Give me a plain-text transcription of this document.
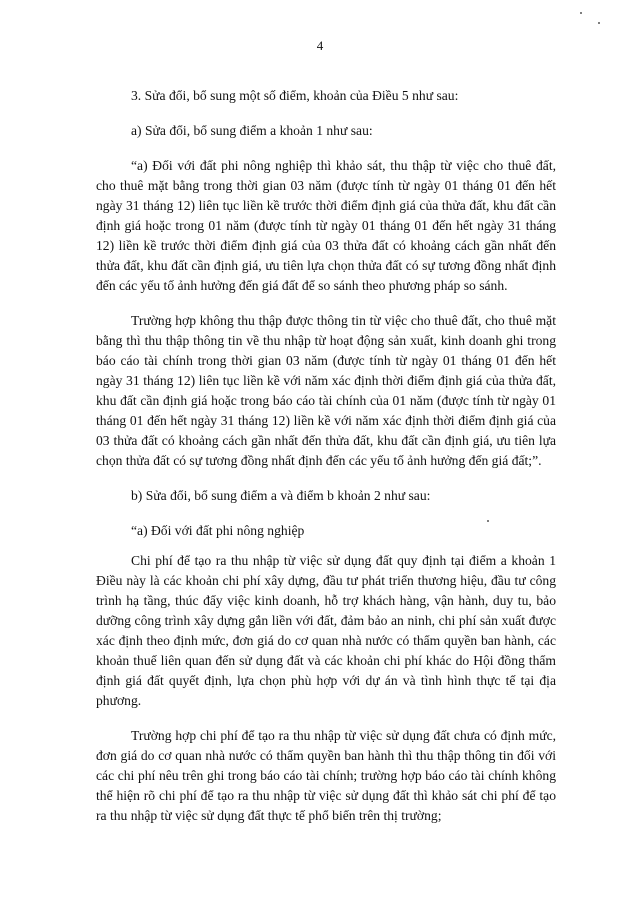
4

3. Sửa đổi, bổ sung một số điểm, khoản của Điều 5 như sau:

a) Sửa đổi, bổ sung điểm a khoản 1 như sau:

“a) Đối với đất phi nông nghiệp thì khảo sát, thu thập từ việc cho thuê đất, cho thuê mặt bằng trong thời gian 03 năm (được tính từ ngày 01 tháng 01 đến hết ngày 31 tháng 12) liên tục liền kề trước thời điểm định giá của thửa đất, khu đất cần định giá hoặc trong 01 năm (được tính từ ngày 01 tháng 01 đến hết ngày 31 tháng 12) liền kề trước thời điểm định giá của 03 thửa đất có khoảng cách gần nhất đến thửa đất, khu đất cần định giá, ưu tiên lựa chọn thửa đất có sự tương đồng nhất định đến các yếu tố ảnh hưởng đến giá đất để so sánh theo phương pháp so sánh.

Trường hợp không thu thập được thông tin từ việc cho thuê đất, cho thuê mặt bằng thì thu thập thông tin về thu nhập từ hoạt động sản xuất, kinh doanh ghi trong báo cáo tài chính trong thời gian 03 năm (được tính từ ngày 01 tháng 01 đến hết ngày 31 tháng 12) liên tục liền kề với năm xác định thời điểm định giá của thửa đất, khu đất cần định giá hoặc trong báo cáo tài chính của 01 năm (được tính từ ngày 01 tháng 01 đến hết ngày 31 tháng 12) liền kề với năm xác định thời điểm định giá của 03 thửa đất có khoảng cách gần nhất đến thửa đất, khu đất cần định giá, ưu tiên lựa chọn thửa đất có sự tương đồng nhất định đến các yếu tố ảnh hưởng đến giá đất;”.

b) Sửa đổi, bổ sung điểm a và điểm b khoản 2 như sau:

“a) Đối với đất phi nông nghiệp

Chi phí để tạo ra thu nhập từ việc sử dụng đất quy định tại điểm a khoản 1 Điều này là các khoản chi phí xây dựng, đầu tư phát triển thương hiệu, đầu tư công trình hạ tầng, thúc đẩy việc kinh doanh, hỗ trợ khách hàng, vận hành, duy tu, bảo dưỡng công trình xây dựng gắn liền với đất, đảm bảo an ninh, chi phí sản xuất được xác định theo định mức, đơn giá do cơ quan nhà nước có thẩm quyền ban hành, các khoản thuế liên quan đến sử dụng đất và các khoản chi phí khác do Hội đồng thẩm định giá đất quyết định, lựa chọn phù hợp với dự án và tình hình thực tế tại địa phương.

Trường hợp chi phí để tạo ra thu nhập từ việc sử dụng đất chưa có định mức, đơn giá do cơ quan nhà nước có thẩm quyền ban hành thì thu thập thông tin đối với các chi phí nêu trên ghi trong báo cáo tài chính; trường hợp báo cáo tài chính không thể hiện rõ chi phí để tạo ra thu nhập từ việc sử dụng đất thì khảo sát chi phí để tạo ra thu nhập từ việc sử dụng đất thực tế phổ biến trên thị trường;
